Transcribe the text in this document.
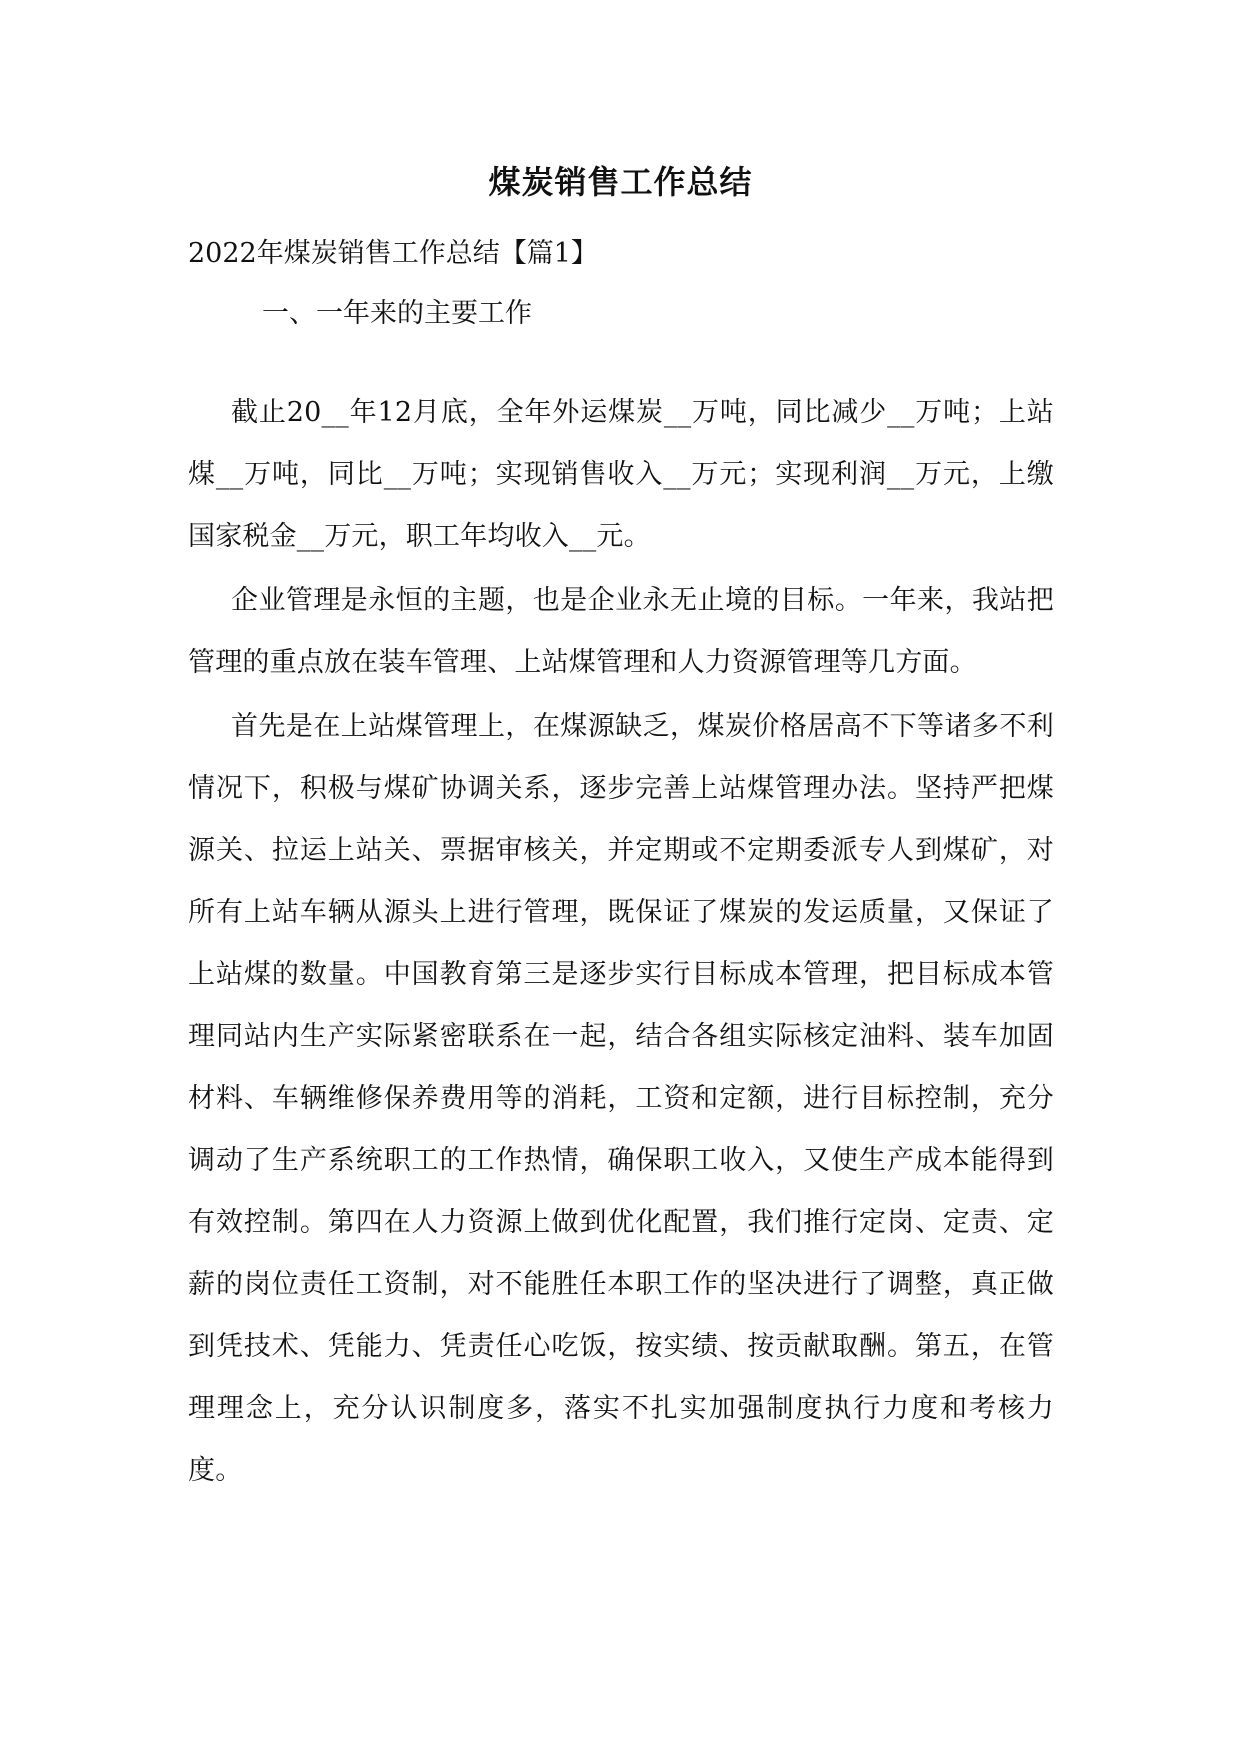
煤炭销售工作总结
2022年煤炭销售工作总结【篇1】
一、一年来的主要工作

截止20__年12月底，全年外运煤炭__万吨，同比减少__万吨；上站煤__万吨，同比__万吨；实现销售收入__万元；实现利润__万元，上缴国家税金__万元，职工年均收入__元。

企业管理是永恒的主题，也是企业永无止境的目标。一年来，我站把管理的重点放在装车管理、上站煤管理和人力资源管理等几方面。

首先是在上站煤管理上，在煤源缺乏，煤炭价格居高不下等诸多不利情况下，积极与煤矿协调关系，逐步完善上站煤管理办法。坚持严把煤源关、拉运上站关、票据审核关，并定期或不定期委派专人到煤矿，对所有上站车辆从源头上进行管理，既保证了煤炭的发运质量，又保证了上站煤的数量。中国教育第三是逐步实行目标成本管理，把目标成本管理同站内生产实际紧密联系在一起，结合各组实际核定油料、装车加固材料、车辆维修保养费用等的消耗，工资和定额，进行目标控制，充分调动了生产系统职工的工作热情，确保职工收入，又使生产成本能得到有效控制。第四在人力资源上做到优化配置，我们推行定岗、定责、定薪的岗位责任工资制，对不能胜任本职工作的坚决进行了调整，真正做到凭技术、凭能力、凭责任心吃饭，按实绩、按贡献取酬。第五，在管理理念上，充分认识制度多，落实不扎实加强制度执行力度和考核力度。
